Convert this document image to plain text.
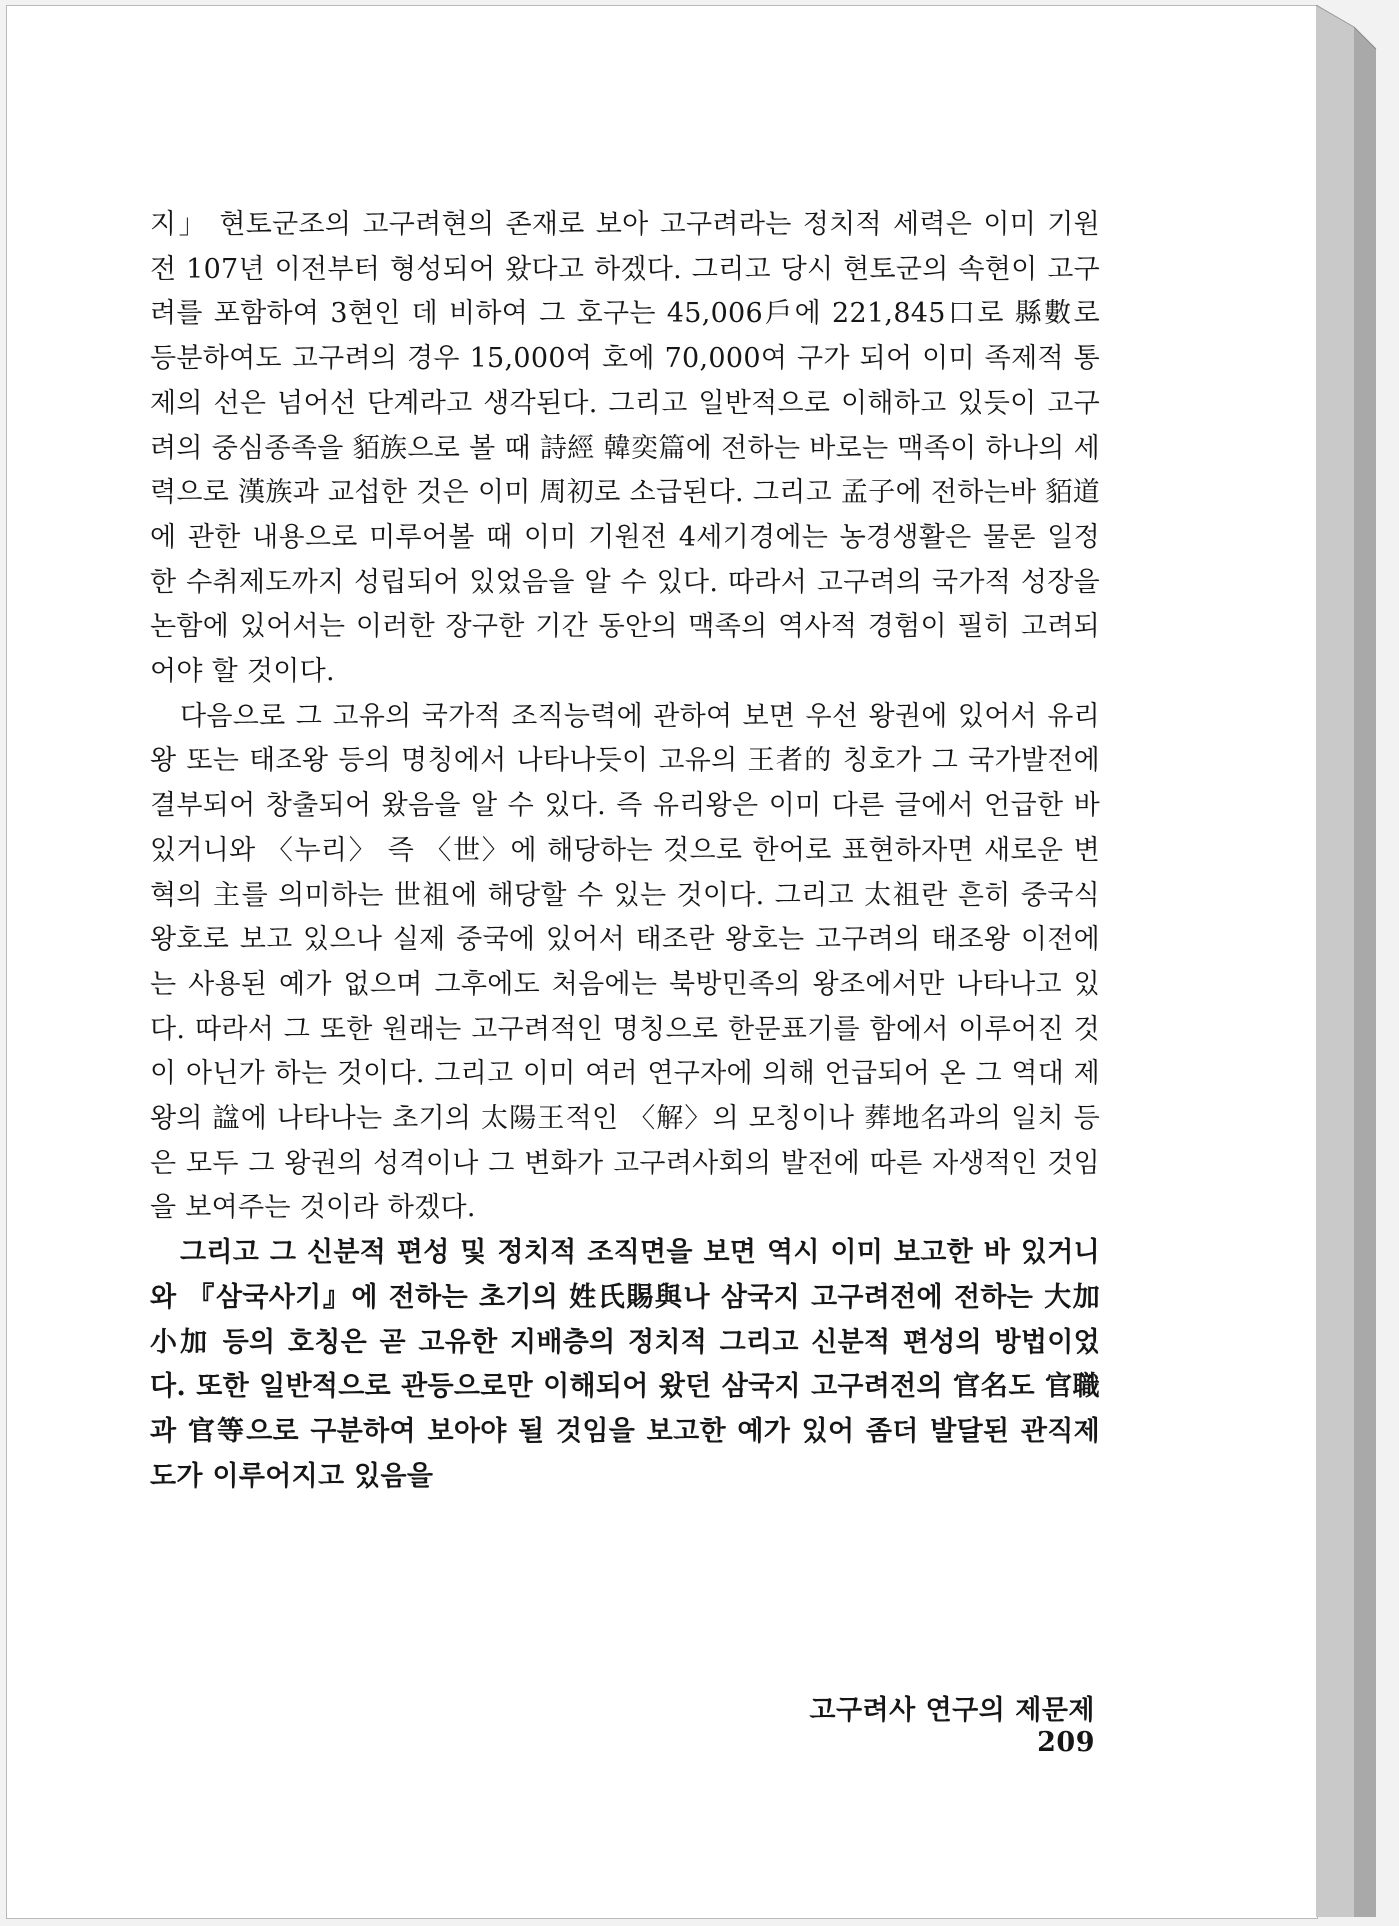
지」 현토군조의 고구려현의 존재로 보아 고구려라는 정치적 세력은 이미 기원전 107년 이전부터 형성되어 왔다고 하겠다. 그리고 당시 현토군의 속현이 고구려를 포함하여 3현인 데 비하여 그 호구는 45,006戶에 221,845口로 縣數로 등분하여도 고구려의 경우 15,000여 호에 70,000여 구가 되어 이미 족제적 통제의 선은 넘어선 단계라고 생각된다. 그리고 일반적으로 이해하고 있듯이 고구려의 중심종족을 貊族으로 볼 때 詩經 韓奕篇에 전하는 바로는 맥족이 하나의 세력으로 漢族과 교섭한 것은 이미 周初로 소급된다. 그리고 孟子에 전하는바 貊道에 관한 내용으로 미루어볼 때 이미 기원전 4세기경에는 농경생활은 물론 일정한 수취제도까지 성립되어 있었음을 알 수 있다. 따라서 고구려의 국가적 성장을 논함에 있어서는 이러한 장구한 기간 동안의 맥족의 역사적 경험이 필히 고려되어야 할 것이다.

다음으로 그 고유의 국가적 조직능력에 관하여 보면 우선 왕권에 있어서 유리왕 또는 태조왕 등의 명칭에서 나타나듯이 고유의 王者的 칭호가 그 국가발전에 결부되어 창출되어 왔음을 알 수 있다. 즉 유리왕은 이미 다른 글에서 언급한 바 있거니와 〈누리〉 즉 〈世〉에 해당하는 것으로 한어로 표현하자면 새로운 변혁의 主를 의미하는 世祖에 해당할 수 있는 것이다. 그리고 太祖란 흔히 중국식 왕호로 보고 있으나 실제 중국에 있어서 태조란 왕호는 고구려의 태조왕 이전에는 사용된 예가 없으며 그후에도 처음에는 북방민족의 왕조에서만 나타나고 있다. 따라서 그 또한 원래는 고구려적인 명칭으로 한문표기를 함에서 이루어진 것이 아닌가 하는 것이다. 그리고 이미 여러 연구자에 의해 언급되어 온 그 역대 제왕의 諡에 나타나는 초기의 太陽王적인 〈解〉의 모칭이나 葬地名과의 일치 등은 모두 그 왕권의 성격이나 그 변화가 고구려사회의 발전에 따른 자생적인 것임을 보여주는 것이라 하겠다.

그리고 그 신분적 편성 및 정치적 조직면을 보면 역시 이미 보고한 바 있거니와 『삼국사기』에 전하는 초기의 姓氏賜與나 삼국지 고구려전에 전하는 大加 小加 등의 호칭은 곧 고유한 지배층의 정치적 그리고 신분적 편성의 방법이었다. 또한 일반적으로 관등으로만 이해되어 왔던 삼국지 고구려전의 官名도 官職과 官等으로 구분하여 보아야 될 것임을 보고한 예가 있어 좀더 발달된 관직제도가 이루어지고 있음을

고구려사 연구의 제문제209
